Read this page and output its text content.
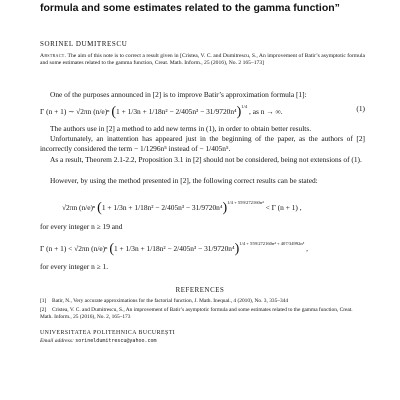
formula and some estimates related to the gamma function”
SORINEL DUMITRESCU
Abstract. The aim of this note is to correct a result given in [Cristea, V. C. and Dumitrescu, S., An improvement of Batir’s asymptotic formula and some estimates related to the gamma function, Creat. Math. Inform., 25 (2016), No. 2 165–173]
One of the purposes announced in [2] is to improve Batir’s approximation formula [1]:
Γ (n + 1) ∼ √2πn (n/e)ⁿ $(1 + 1/3n + 1/18n^2 - 2/405n^3 - 31/9720n^4)^{1/4}$ , as n → ∞.	(1)
The authors use in [2] a method to add new terms in (1), in order to obtain better results.
Unfortunately, an inattention has appeared just in the beginning of the paper, as the authors of [2] incorrectly considered the term − 1/1296n⁵ instead of − 1/405n⁵.
As a result, Theorem 2.1-2.2, Proposition 3.1 in [2] should not be considered, being not extensions of (1).
However, by using the method presented in [2], the following correct results can be stated:
√2πn (n/e)ⁿ $(1 + 1/3n + 1/18n^2 - 2/405n^3 - 31/9720n^4)^{1/4 + 559/272160n^4} < \Gamma$ (n + 1) ,
for every integer n ≥ 19 and
Γ (n + 1) < √2πn (n/e)ⁿ $(1 + 1/3n + 1/18n^2 - 2/405n^3 - 31/9720n^4)^{1/4 + 559/272160n^4 + 407/34992n^5}$ ,
for every integer n ≥ 1.
REFERENCES
[1] Batir, N., Very accurate approximations for the factorial function, J. Math. Inequal., 4 (2010), No. 3, 335–344
[2] Cristea, V. C. and Dumitrescu, S., An improvement of Batir’s asymptotic formula and some estimates related to the gamma function, Creat. Math. Inform., 25 (2016), No. 2, 165–173
UNIVERSITATEA POLITEHNICA BUCUREȘTI
Email address: sorineldumitrescu@yahoo.com
